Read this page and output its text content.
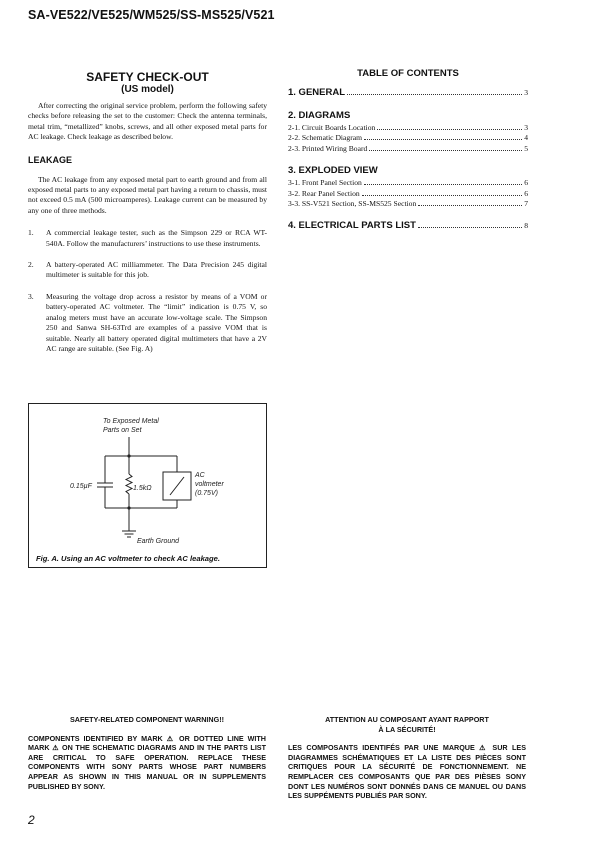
SA-VE522/VE525/WM525/SS-MS525/V521
SAFETY CHECK-OUT
(US model)

After correcting the original service problem, perform the following safety checks before releasing the set to the customer: Check the antenna terminals, metal trim, “metallized” knobs, screws, and all other exposed metal parts for AC leakage. Check leakage as described below.

LEAKAGE

The AC leakage from any exposed metal part to earth ground and from all exposed metal parts to any exposed metal part having a return to chassis, must not exceed 0.5 mA (500 microamperes). Leakage current can be measured by any one of three methods.

1.	A commercial leakage tester, such as the Simpson 229 or RCA WT-540A. Follow the manufacturers’ instructions to use these instruments.
2.	A battery-operated AC milliammeter. The Data Precision 245 digital multimeter is suitable for this job.
3.	Measuring the voltage drop across a resistor by means of a VOM or battery-operated AC voltmeter. The “limit” indication is 0.75 V, so analog meters must have an accurate low-voltage scale. The Simpson 250 and Sanwa SH-63Trd are examples of a passive VOM that is suitable. Nearly all battery operated digital multimeters that have a 2V AC range are suitable. (See Fig. A)
To Exposed Metal
Parts on Set
0.15µF	1.5kΩ
AC
voltmeter
(0.75V)
Earth Ground
Fig. A. Using an AC voltmeter to check AC leakage.
TABLE OF CONTENTS
1. GENERAL	3
2. DIAGRAMS
2-1. Circuit Boards Location	3
2-2. Schematic Diagram	4
2-3. Printed Wiring Board	5
3. EXPLODED VIEW
3-1. Front Panel Section	6
3-2. Rear Panel Section	6
3-3. SS-V521 Section, SS-MS525 Section	7
4. ELECTRICAL PARTS LIST	8
SAFETY-RELATED COMPONENT WARNING!!
COMPONENTS IDENTIFIED BY MARK ⚠ OR DOTTED LINE WITH MARK ⚠ ON THE SCHEMATIC DIAGRAMS AND IN THE PARTS LIST ARE CRITICAL TO SAFE OPERATION. REPLACE THESE COMPONENTS WITH SONY PARTS WHOSE PART NUMBERS APPEAR AS SHOWN IN THIS MANUAL OR IN SUPPLEMENTS PUBLISHED BY SONY.
ATTENTION AU COMPOSANT AYANT RAPPORT
À LA SÉCURITÉ!
LES COMPOSANTS IDENTIFÉS PAR UNE MARQUE ⚠ SUR LES DIAGRAMMES SCHÉMATIQUES ET LA LISTE DES PIÈCES SONT CRITIQUES POUR LA SÉCURITÉ DE FONCTIONNEMENT. NE REMPLACER CES COMPOSANTS QUE PAR DES PIÈSES SONY DONT LES NUMÉROS SONT DONNÉS DANS CE MANUEL OU DANS LES SUPPÉMENTS PUBLIÉS PAR SONY.
2
